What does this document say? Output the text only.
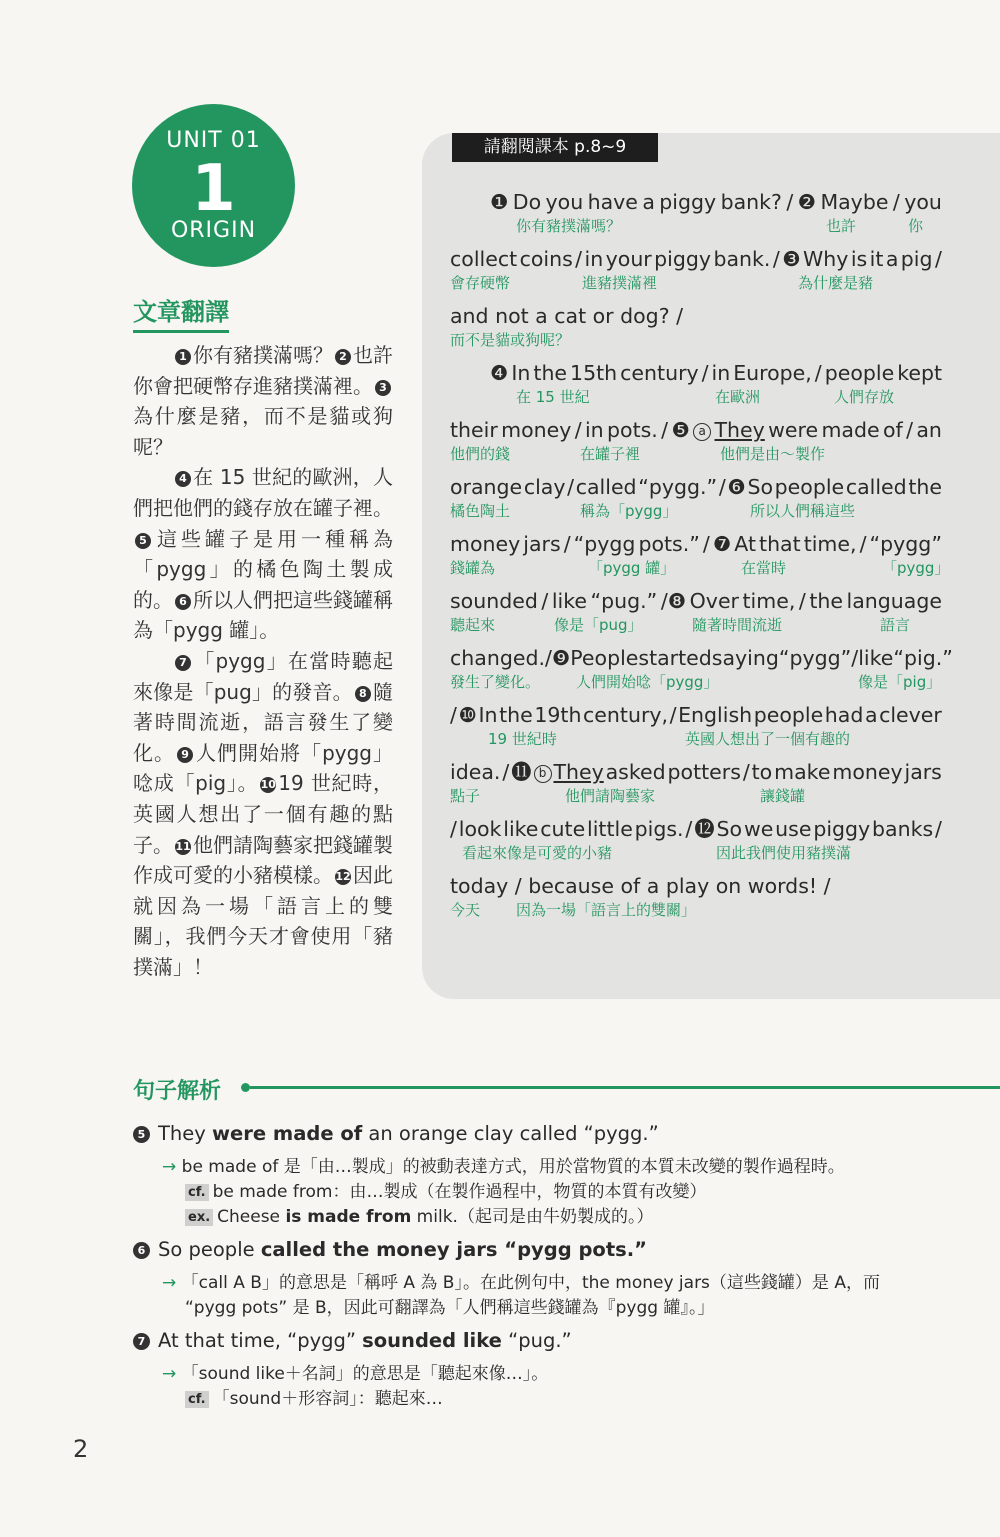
UNIT 01
1
ORIGIN
文章翻譯

1 你有豬撲滿嗎？ 2 也許你會把硬幣存進豬撲滿裡。 3為什麼是豬，而不是貓或狗呢？

4 在 15 世紀的歐洲，人們把他們的錢存放在罐子裡。5 這些罐子是用一種稱為「pygg」的橘色陶土製成的。 6 所以人們把這些錢罐稱為「pygg 罐」。

7 「pygg」在當時聽起來像是「pug」的發音。 8 隨著時間流逝，語言發生了變化。 9 人們開始將「pygg」唸成「pig」。 10 19 世紀時，英國人想出了一個有趣的點子。 11 他們請陶藝家把錢罐製作成可愛的小豬模樣。 12 因此就因為一場「語言上的雙關」，我們今天才會使用「豬撲滿」！

請翻閱課本 p.8~9
❶ Do you have a piggy bank? / ❷ Maybe / you
你有豬撲滿嗎？	也許	你
collect coins / in your piggy bank. / ❸ Why is it a pig /
會存硬幣	進豬撲滿裡	為什麼是豬
and not a cat or dog? /
而不是貓或狗呢？
❹ In the 15th century / in Europe, / people kept
在 15 世紀	在歐洲	人們存放
their money / in pots. / ❺ a They were made of / an
他們的錢	在罐子裡	他們是由～製作
orange clay / called “pygg.” / ❻ So people called the
橘色陶土	稱為「pygg」	所以人們稱這些
money jars / “pygg pots.” / ❼ At that time, / “pygg”
錢罐為	「pygg 罐」	在當時	「pygg」
sounded / like “pug.” /❽ Over time, / the language
聽起來	像是「pug」	隨著時間流逝	語言
changed. / ❾ People started saying “pygg” / like “pig.”
發生了變化。 人們開始唸「pygg」	像是「pig」
/ ❿ In the 19th century, / English people had a clever
19 世紀時	英國人想出了一個有趣的
idea. / ⓫ b They asked potters / to make money jars
點子	他們請陶藝家	讓錢罐
/ look like cute little pigs. / ⓬ So we use piggy banks /
看起來像是可愛的小豬	因此我們使用豬撲滿
today / because of a play on words! /
今天 因為一場「語言上的雙關」
句子解析
5 They were made of an orange clay called “pygg.”
→ be made of 是「由…製成」的被動表達方式，用於當物質的本質未改變的製作過程時。
cf. be made from：由…製成（在製作過程中，物質的本質有改變）
ex. Cheese is made from milk.（起司是由牛奶製成的。）
6 So people called the money jars “pygg pots.”
→ 「call A B」的意思是「稱呼 A 為 B」。在此例句中，the money jars（這些錢罐）是 A，而
“pygg pots” 是 B，因此可翻譯為「人們稱這些錢罐為『pygg 罐』。」
7 At that time, “pygg” sounded like “pug.”
→ 「sound like＋名詞」的意思是「聽起來像…」。
cf. 「sound＋形容詞」：聽起來…
2
